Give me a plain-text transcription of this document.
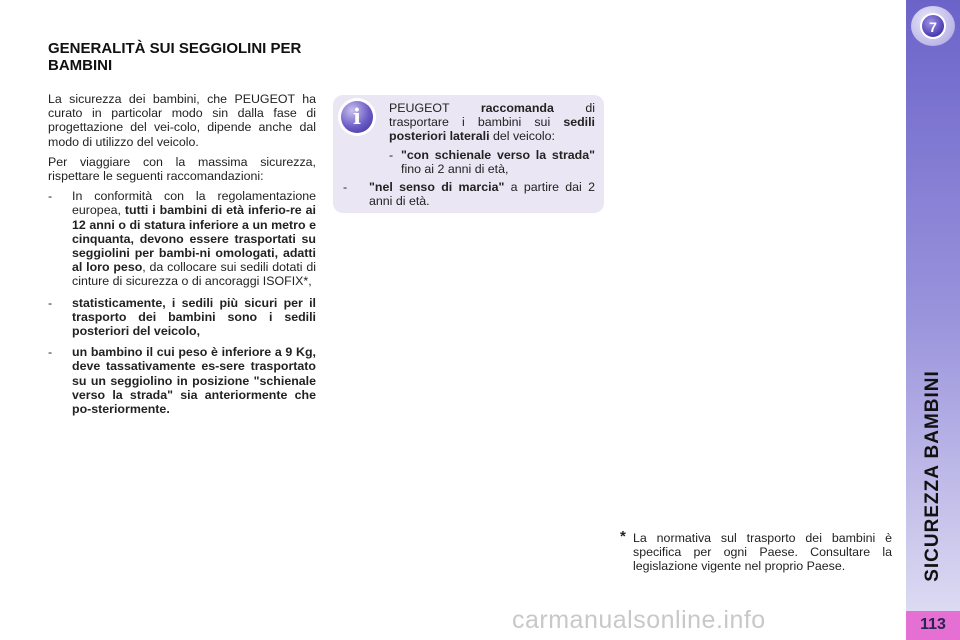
GENERALITÀ SUI SEGGIOLINI PER BAMBINI

La sicurezza dei bambini, che PEUGEOT ha curato in particolar modo sin dalla fase di progettazione del vei-colo, dipende anche dal modo di utilizzo del veicolo.

Per viaggiare con la massima sicurezza, rispettare le seguenti raccomandazioni:

- In conformità con la regolamentazione europea, tutti i bambini di età inferio-re ai 12 anni o di statura inferiore a un metro e cinquanta, devono essere trasportati su seggiolini per bambi-ni omologati, adatti al loro peso, da collocare sui sedili dotati di cinture di sicurezza o di ancoraggi ISOFIX*,
- statisticamente, i sedili più sicuri per il trasporto dei bambini sono i sedili posteriori del veicolo,
- un bambino il cui peso è inferiore a 9 Kg, deve tassativamente es-sere trasportato su un seggiolino in posizione "schienale verso la strada" sia anteriormente che po-steriormente.
i	PEUGEOT raccomanda di trasportare i bambini sui sedili posteriori laterali del veicolo:

- "con schienale verso la strada" fino ai 2 anni di età,
- "nel senso di marcia" a partire dai 2 anni di età.
* La normativa sul trasporto dei bambini è specifica per ogni Paese. Consultare la legislazione vigente nel proprio Paese.
7
SICUREZZA BAMBINI
113
carmanualsonline.info
